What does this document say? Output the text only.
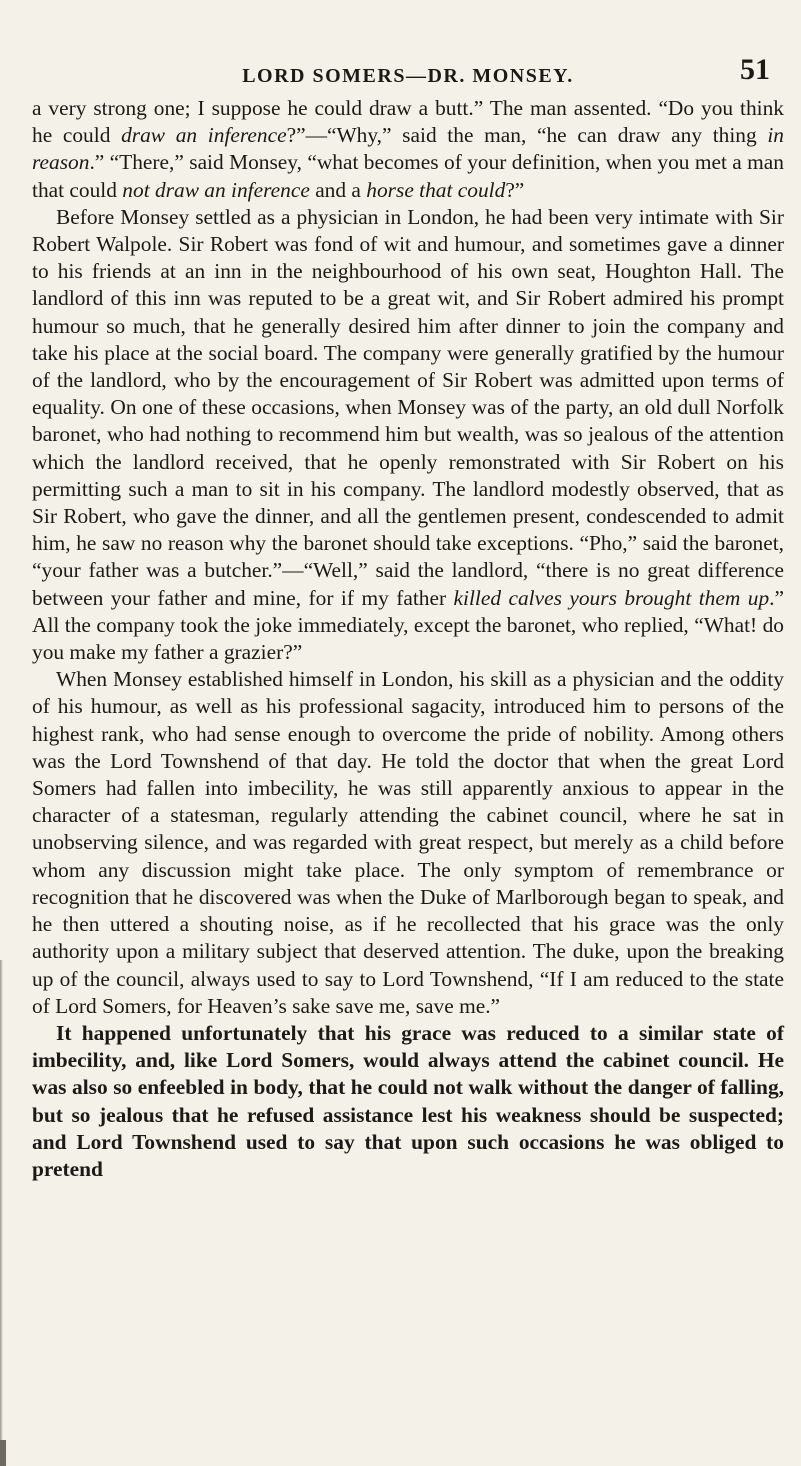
LORD SOMERS—DR. MONSEY.	51

a very strong one; I suppose he could draw a butt.” The man assented. “Do you think he could draw an inference?”—“Why,” said the man, “he can draw any thing in reason.” “There,” said Monsey, “what becomes of your definition, when you met a man that could not draw an inference and a horse that could?”

Before Monsey settled as a physician in London, he had been very intimate with Sir Robert Walpole. Sir Robert was fond of wit and humour, and sometimes gave a dinner to his friends at an inn in the neighbourhood of his own seat, Houghton Hall. The landlord of this inn was reputed to be a great wit, and Sir Robert admired his prompt humour so much, that he generally desired him after dinner to join the company and take his place at the social board. The company were generally gratified by the humour of the landlord, who by the encouragement of Sir Robert was admitted upon terms of equality. On one of these occasions, when Monsey was of the party, an old dull Norfolk baronet, who had nothing to recommend him but wealth, was so jealous of the attention which the landlord received, that he openly remonstrated with Sir Robert on his permitting such a man to sit in his company. The landlord modestly observed, that as Sir Robert, who gave the dinner, and all the gentlemen present, condescended to admit him, he saw no reason why the baronet should take exceptions. “Pho,” said the baronet, “your father was a butcher.”—“Well,” said the landlord, “there is no great difference between your father and mine, for if my father killed calves yours brought them up.” All the company took the joke immediately, except the baronet, who replied, “What! do you make my father a grazier?”

When Monsey established himself in London, his skill as a physician and the oddity of his humour, as well as his professional sagacity, introduced him to persons of the highest rank, who had sense enough to overcome the pride of nobility. Among others was the Lord Townshend of that day. He told the doctor that when the great Lord Somers had fallen into imbecility, he was still apparently anxious to appear in the character of a statesman, regularly attending the cabinet council, where he sat in unobserving silence, and was regarded with great respect, but merely as a child before whom any discussion might take place. The only symptom of remembrance or recognition that he discovered was when the Duke of Marlborough began to speak, and he then uttered a shouting noise, as if he recollected that his grace was the only authority upon a military subject that deserved attention. The duke, upon the breaking up of the council, always used to say to Lord Townshend, “If I am reduced to the state of Lord Somers, for Heaven’s sake save me, save me.”

It happened unfortunately that his grace was reduced to a similar state of imbecility, and, like Lord Somers, would always attend the cabinet council. He was also so enfeebled in body, that he could not walk without the danger of falling, but so jealous that he refused assistance lest his weakness should be suspected; and Lord Townshend used to say that upon such occasions he was obliged to pretend
